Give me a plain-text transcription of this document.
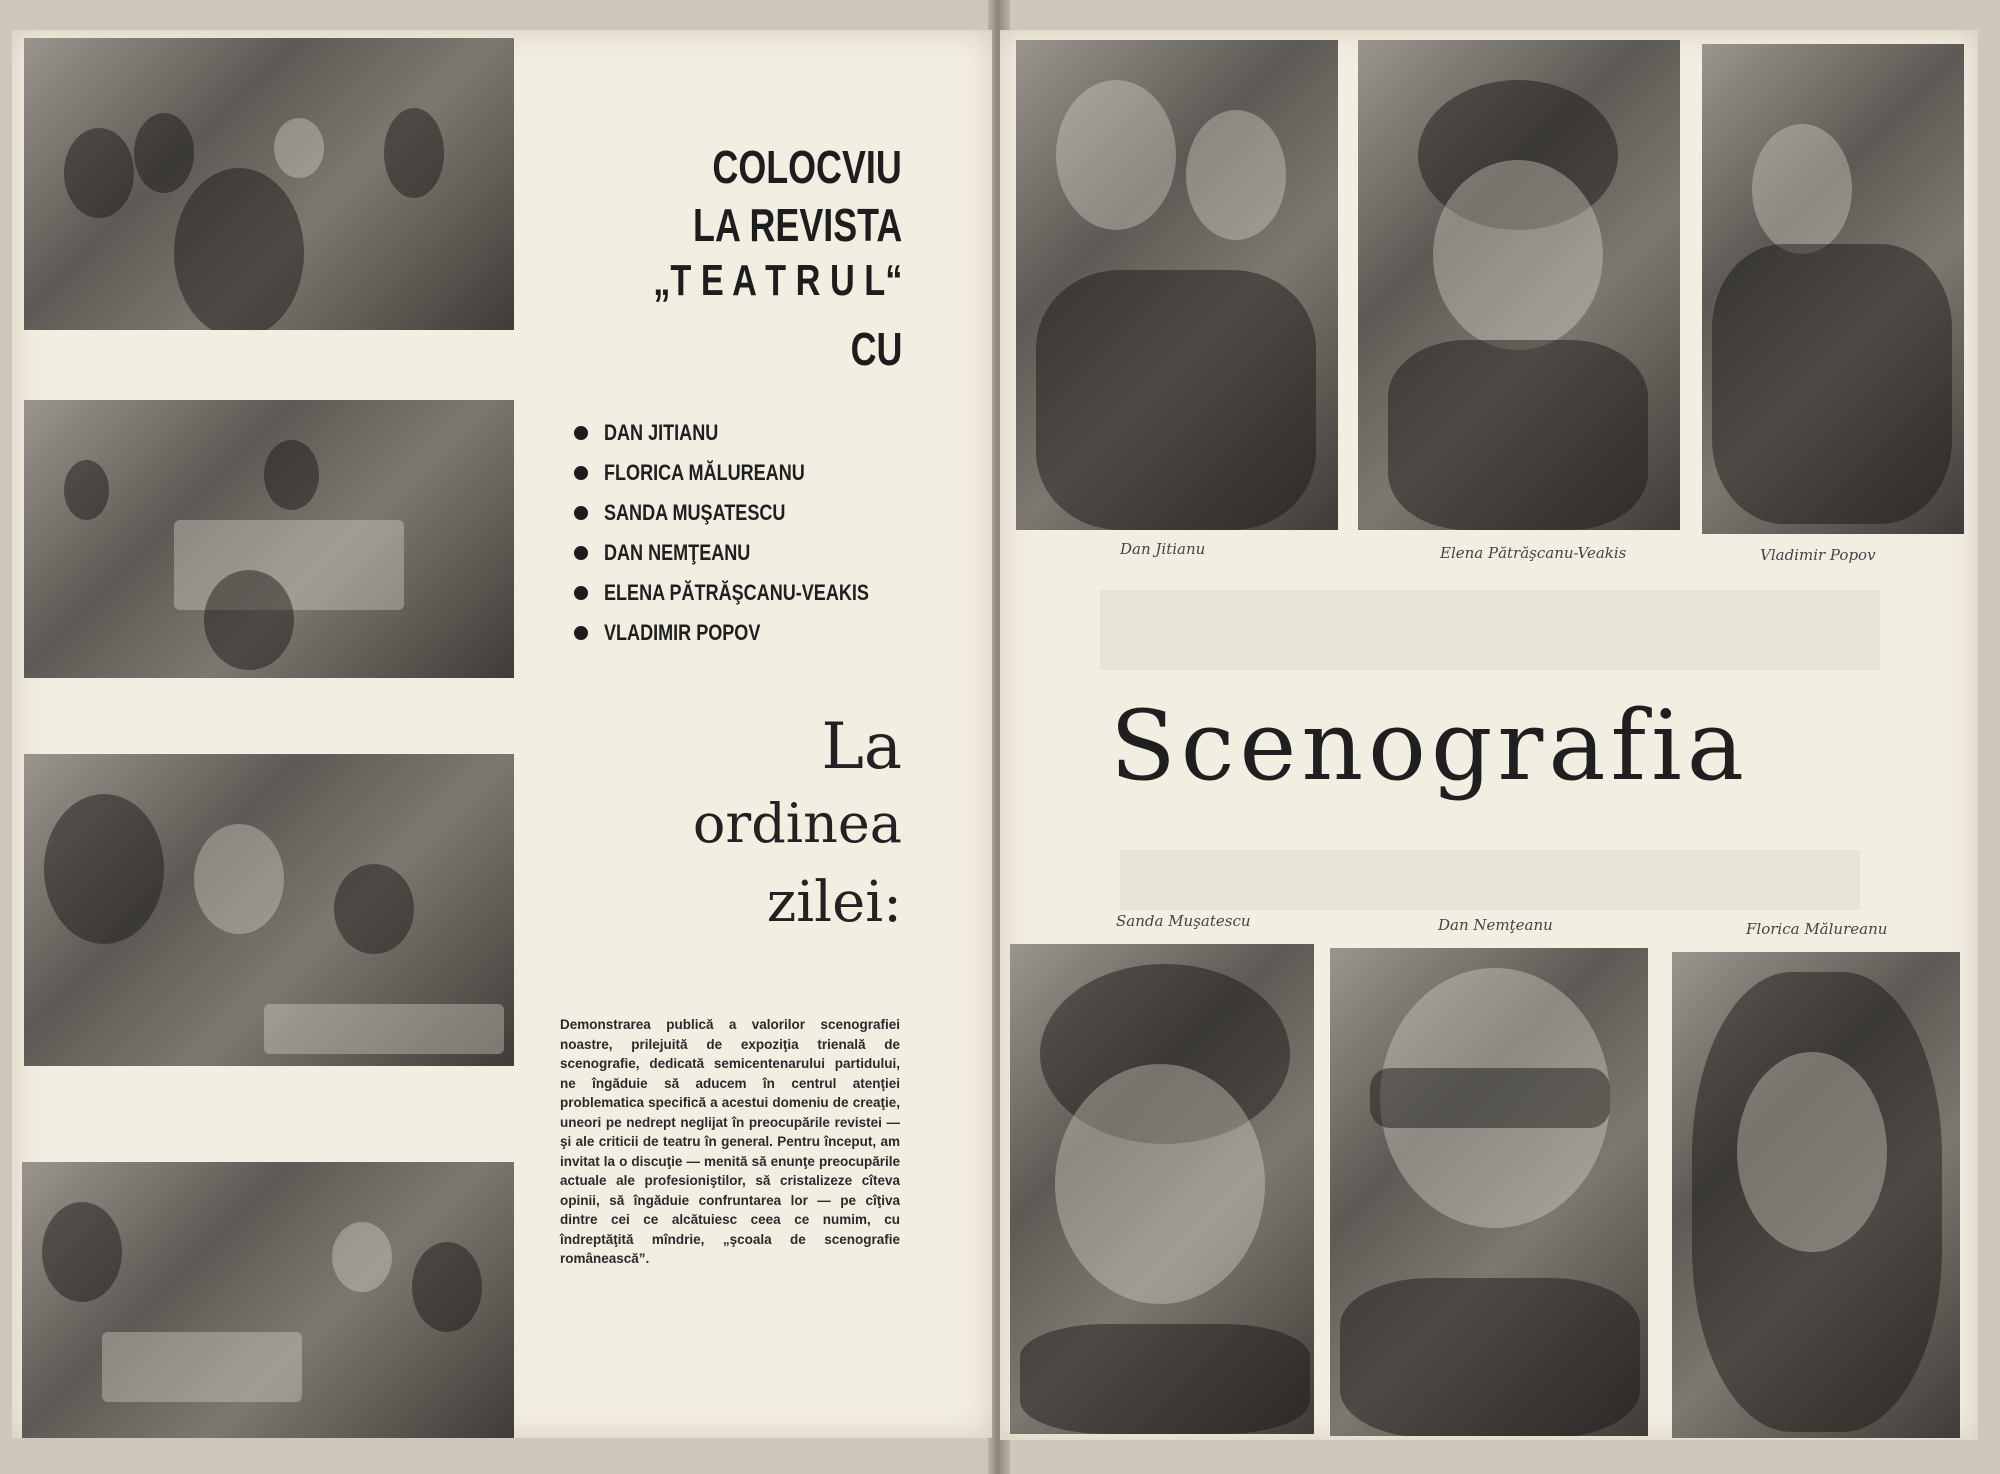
COLOCVIU
LA REVISTA
„T E A T R U L“
CU
DAN JITIANU
FLORICA MĂLUREANU
SANDA MUŞATESCU
DAN NEMŢEANU
ELENA PĂTRĂŞCANU-VEAKIS
VLADIMIR POPOV
La
ordinea
zilei:

Demonstrarea publică a valorilor scenografiei noastre, prilejuită de expoziţia trienală de scenografie, dedicată semicentenarului partidului, ne îngăduie să aducem în centrul atenţiei problematica specifică a acestui domeniu de creaţie, uneori pe nedrept neglijat în preocupările revistei — şi ale criticii de teatru în general. Pentru început, am invitat la o discuţie — menită să enunţe preocupările actuale ale profesioniştilor, să cristalizeze cîteva opinii, să îngăduie confruntarea lor — pe cîţiva dintre cei ce alcătuiesc ceea ce numim, cu îndreptăţită mîndrie, „şcoala de scenografie românească”.

Dan Jitianu	Elena Pătrăşcanu-Veakis	Vladimir Popov
Scenografia
Sanda Muşatescu	Dan Nemţeanu	Florica Mălureanu
